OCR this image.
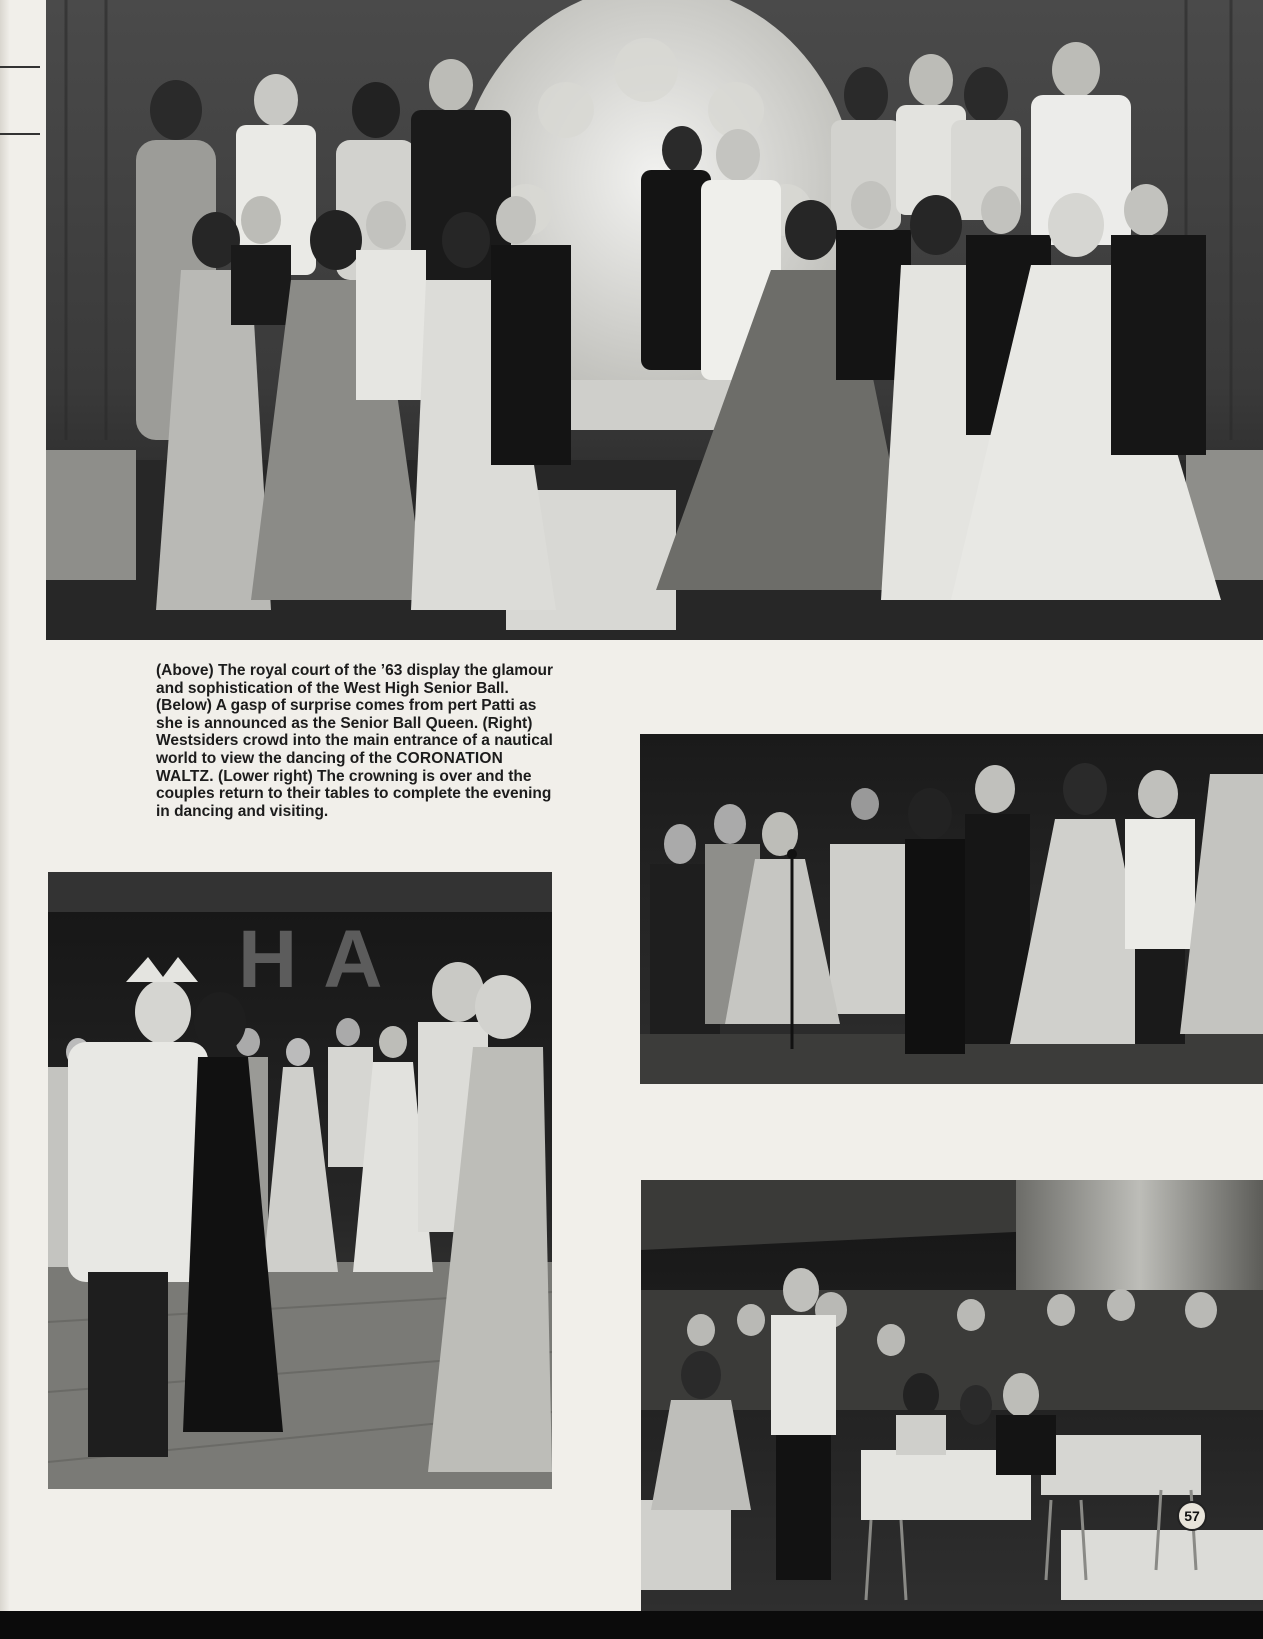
(Above) The royal court of the ’63 display the glamour and sophistication of the West High Senior Ball. (Below) A gasp of surprise comes from pert Patti as she is announced as the Senior Ball Queen. (Right) Westsiders crowd into the main entrance of a nautical world to view the dancing of the CORONATION WALTZ. (Lower right) The crowning is over and the couples return to their tables to complete the evening in dancing and visiting.

HA
57
